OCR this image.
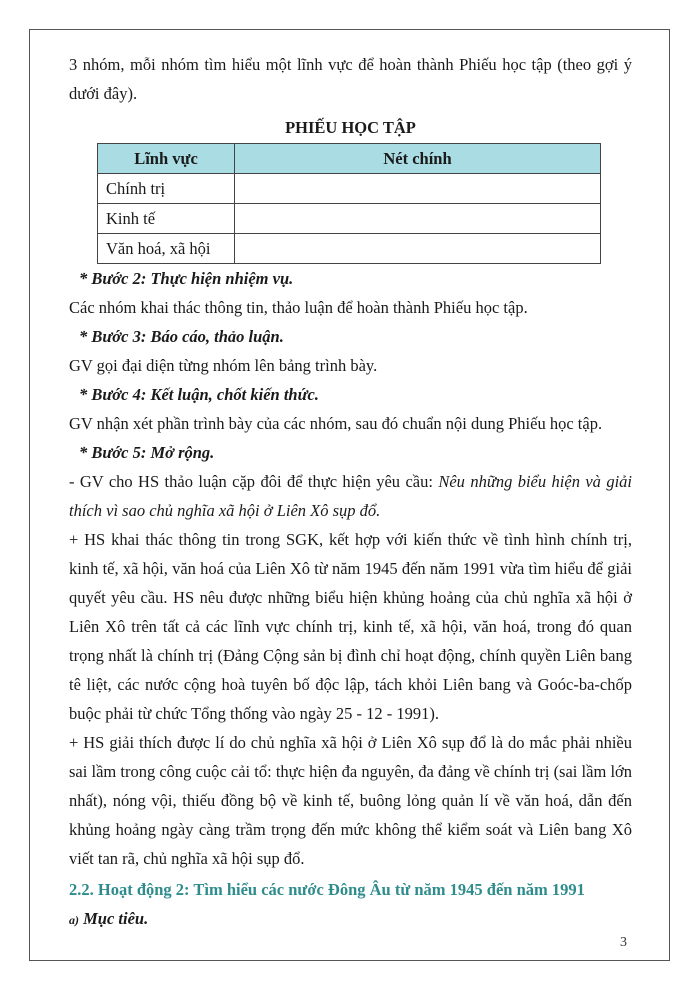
3 nhóm, mỗi nhóm tìm hiểu một lĩnh vực để hoàn thành Phiếu học tập (theo gợi ý dưới đây).

PHIẾU HỌC TẬP

Lĩnh vực	Nét chính
Chính trị	
Kinh tế	
Văn hoá, xã hội	

* Bước 2: Thực hiện nhiệm vụ.

Các nhóm khai thác thông tin, thảo luận để hoàn thành Phiếu học tập.

* Bước 3: Báo cáo, thảo luận.

GV gọi đại diện từng nhóm lên bảng trình bày.

* Bước 4: Kết luận, chốt kiến thức.

GV nhận xét phần trình bày của các nhóm, sau đó chuẩn nội dung Phiếu học tập.

* Bước 5: Mở rộng.

- GV cho HS thảo luận cặp đôi để thực hiện yêu cầu: Nêu những biểu hiện và giải thích vì sao chủ nghĩa xã hội ở Liên Xô sụp đổ.

+ HS khai thác thông tin trong SGK, kết hợp với kiến thức về tình hình chính trị, kinh tế, xã hội, văn hoá của Liên Xô từ năm 1945 đến năm 1991 vừa tìm hiểu để giải quyết yêu cầu. HS nêu được những biểu hiện khủng hoảng của chủ nghĩa xã hội ở Liên Xô trên tất cả các lĩnh vực chính trị, kinh tế, xã hội, văn hoá, trong đó quan trọng nhất là chính trị (Đảng Cộng sản bị đình chỉ hoạt động, chính quyền Liên bang tê liệt, các nước cộng hoà tuyên bố độc lập, tách khỏi Liên bang và Goóc-ba-chốp buộc phải từ chức Tổng thống vào ngày 25 - 12 - 1991).

+ HS giải thích được lí do chủ nghĩa xã hội ở Liên Xô sụp đổ là do mắc phải nhiều sai lầm trong công cuộc cải tổ: thực hiện đa nguyên, đa đảng về chính trị (sai lầm lớn nhất), nóng vội, thiếu đồng bộ về kinh tế, buông lỏng quản lí về văn hoá, dẫn đến khủng hoảng ngày càng trầm trọng đến mức không thể kiểm soát và Liên bang Xô viết tan rã, chủ nghĩa xã hội sụp đổ.

2.2. Hoạt động 2: Tìm hiểu các nước Đông Âu từ năm 1945 đến năm 1991

a) Mục tiêu.

3
